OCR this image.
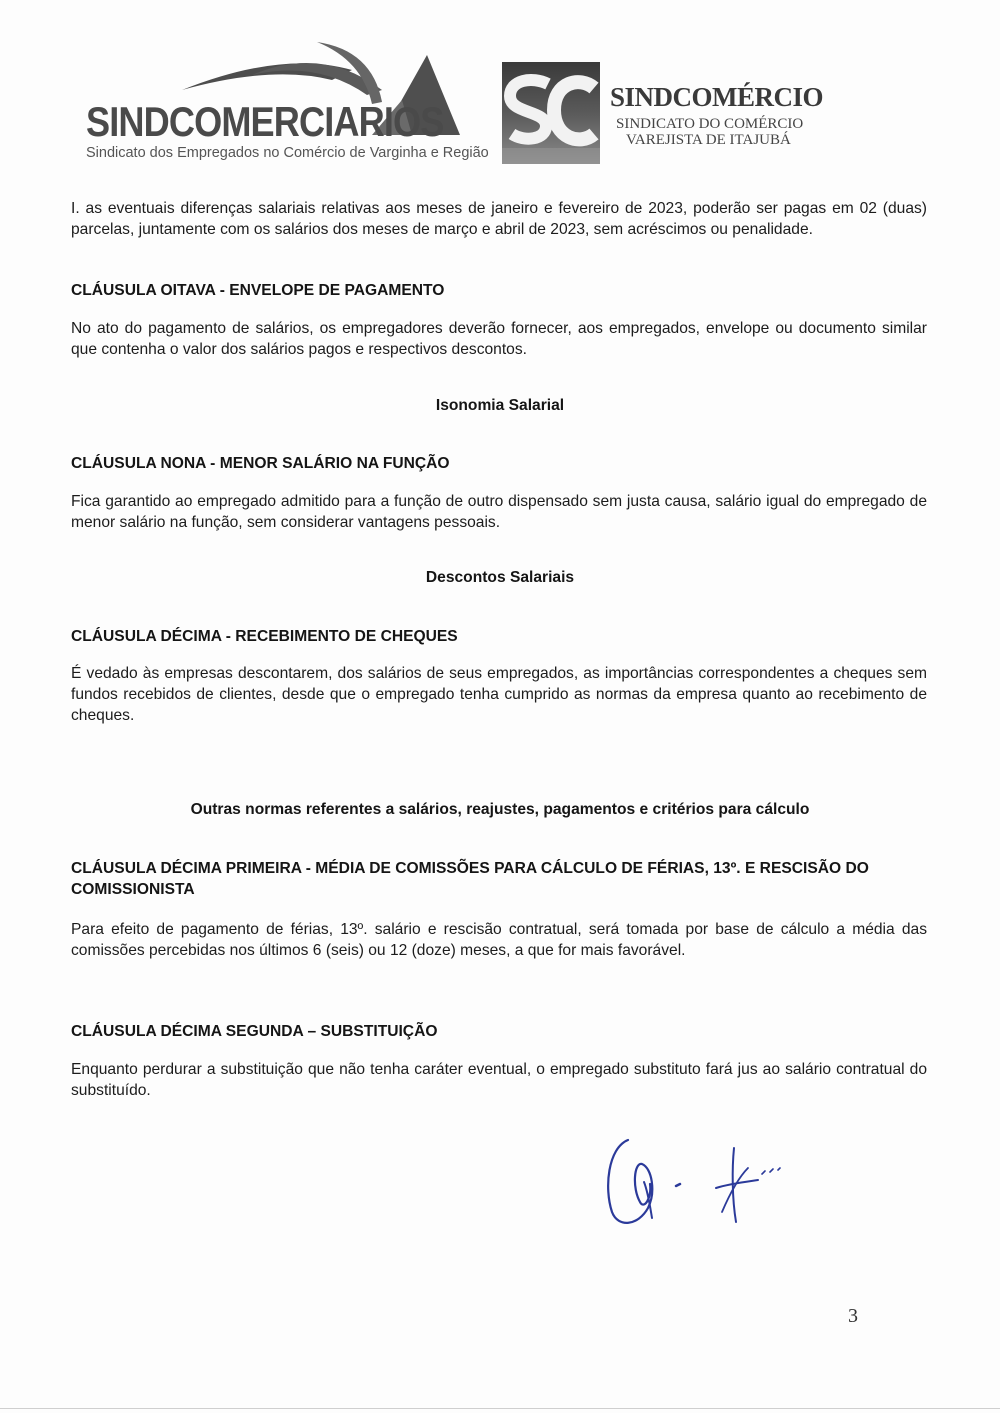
SINDCOMERCIARIOS
Sindicato dos Empregados no Comércio de Varginha e Região
SINDCOMÉRCIO
SINDICATO DO COMÉRCIO
VAREJISTA DE ITAJUBÁ
I. as eventuais diferenças salariais relativas aos meses de janeiro e fevereiro de 2023, poderão ser pagas em 02 (duas) parcelas, juntamente com os salários dos meses de março e abril de 2023, sem acréscimos ou penalidade.
CLÁUSULA OITAVA - ENVELOPE DE PAGAMENTO
No ato do pagamento de salários, os empregadores deverão fornecer, aos empregados, envelope ou documento similar que contenha o valor dos salários pagos e respectivos descontos.
Isonomia Salarial
CLÁUSULA NONA - MENOR SALÁRIO NA FUNÇÃO
Fica garantido ao empregado admitido para a função de outro dispensado sem justa causa, salário igual do empregado de menor salário na função, sem considerar vantagens pessoais.
Descontos Salariais
CLÁUSULA DÉCIMA - RECEBIMENTO DE CHEQUES
É vedado às empresas descontarem, dos salários de seus empregados, as importâncias correspondentes a cheques sem fundos recebidos de clientes, desde que o empregado tenha cumprido as normas da empresa quanto ao recebimento de cheques.
Outras normas referentes a salários, reajustes, pagamentos e critérios para cálculo
CLÁUSULA DÉCIMA PRIMEIRA - MÉDIA DE COMISSÕES PARA CÁLCULO DE FÉRIAS, 13º. E RESCISÃO DO COMISSIONISTA
Para efeito de pagamento de férias, 13º. salário e rescisão contratual, será tomada por base de cálculo a média das comissões percebidas nos últimos 6 (seis) ou 12 (doze) meses, a que for mais favorável.
CLÁUSULA DÉCIMA SEGUNDA – SUBSTITUIÇÃO
Enquanto perdurar a substituição que não tenha caráter eventual, o empregado substituto fará jus ao salário contratual do substituído.
3
